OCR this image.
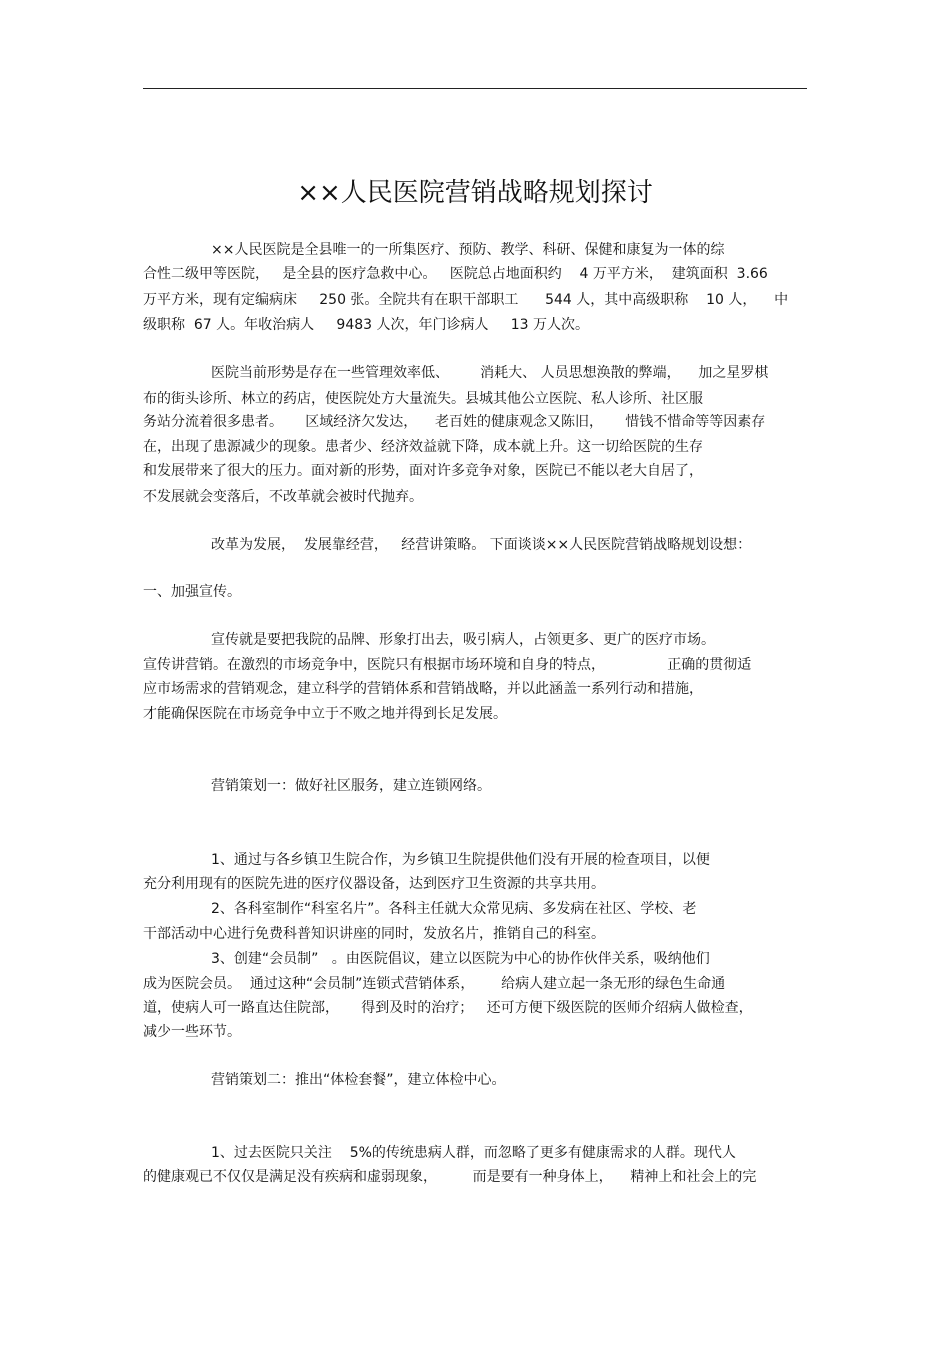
××人民医院营销战略规划探讨
××人民医院是全县唯一的一所集医疗、预防、教学、科研、保健和康复为一体的综
合性二级甲等医院，   是全县的医疗急救中心。   医院总占地面积约    4 万平方米，  建筑面积  3.66
万平方米，现有定编病床     250 张。全院共有在职干部职工      544 人，其中高级职称    10 人，    中
级职称  67 人。年收治病人     9483 人次，年门诊病人     13 万人次。
医院当前形势是存在一些管理效率低、       消耗大、 人员思想涣散的弊端，    加之星罗棋
布的街头诊所、林立的药店，使医院处方大量流失。县城其他公立医院、私人诊所、社区服
务站分流着很多患者。     区域经济欠发达，    老百姓的健康观念又陈旧，     惜钱不惜命等等因素存
在，出现了患源减少的现象。患者少、经济效益就下降，成本就上升。这一切给医院的生存
和发展带来了很大的压力。面对新的形势，面对许多竞争对象，医院已不能以老大自居了，
不发展就会变落后，不改革就会被时代抛弃。
改革为发展，  发展靠经营，   经营讲策略。 下面谈谈××人民医院营销战略规划设想：
一、加强宣传。
宣传就是要把我院的品牌、形象打出去，吸引病人，占领更多、更广的医疗市场。
宣传讲营销。在激烈的市场竞争中，医院只有根据市场环境和自身的特点，              正确的贯彻适
应市场需求的营销观念，建立科学的营销体系和营销战略，并以此涵盖一系列行动和措施，
才能确保医院在市场竞争中立于不败之地并得到长足发展。
营销策划一：做好社区服务，建立连锁网络。
1、通过与各乡镇卫生院合作，为乡镇卫生院提供他们没有开展的检查项目，以便
充分利用现有的医院先进的医疗仪器设备，达到医疗卫生资源的共享共用。
2、各科室制作“科室名片”。各科主任就大众常见病、多发病在社区、学校、老
干部活动中心进行免费科普知识讲座的同时，发放名片，推销自己的科室。
3、创建“会员制”   。由医院倡议，建立以医院为中心的协作伙伴关系，吸纳他们
成为医院会员。  通过这种“会员制”连锁式营销体系，      给病人建立起一条无形的绿色生命通
道，使病人可一路直达住院部，     得到及时的治疗；   还可方便下级医院的医师介绍病人做检查，
减少一些环节。
营销策划二：推出“体检套餐”，建立体检中心。
1、过去医院只关注    5%的传统患病人群，而忽略了更多有健康需求的人群。现代人
的健康观已不仅仅是满足没有疾病和虚弱现象，        而是要有一种身体上，    精神上和社会上的完
